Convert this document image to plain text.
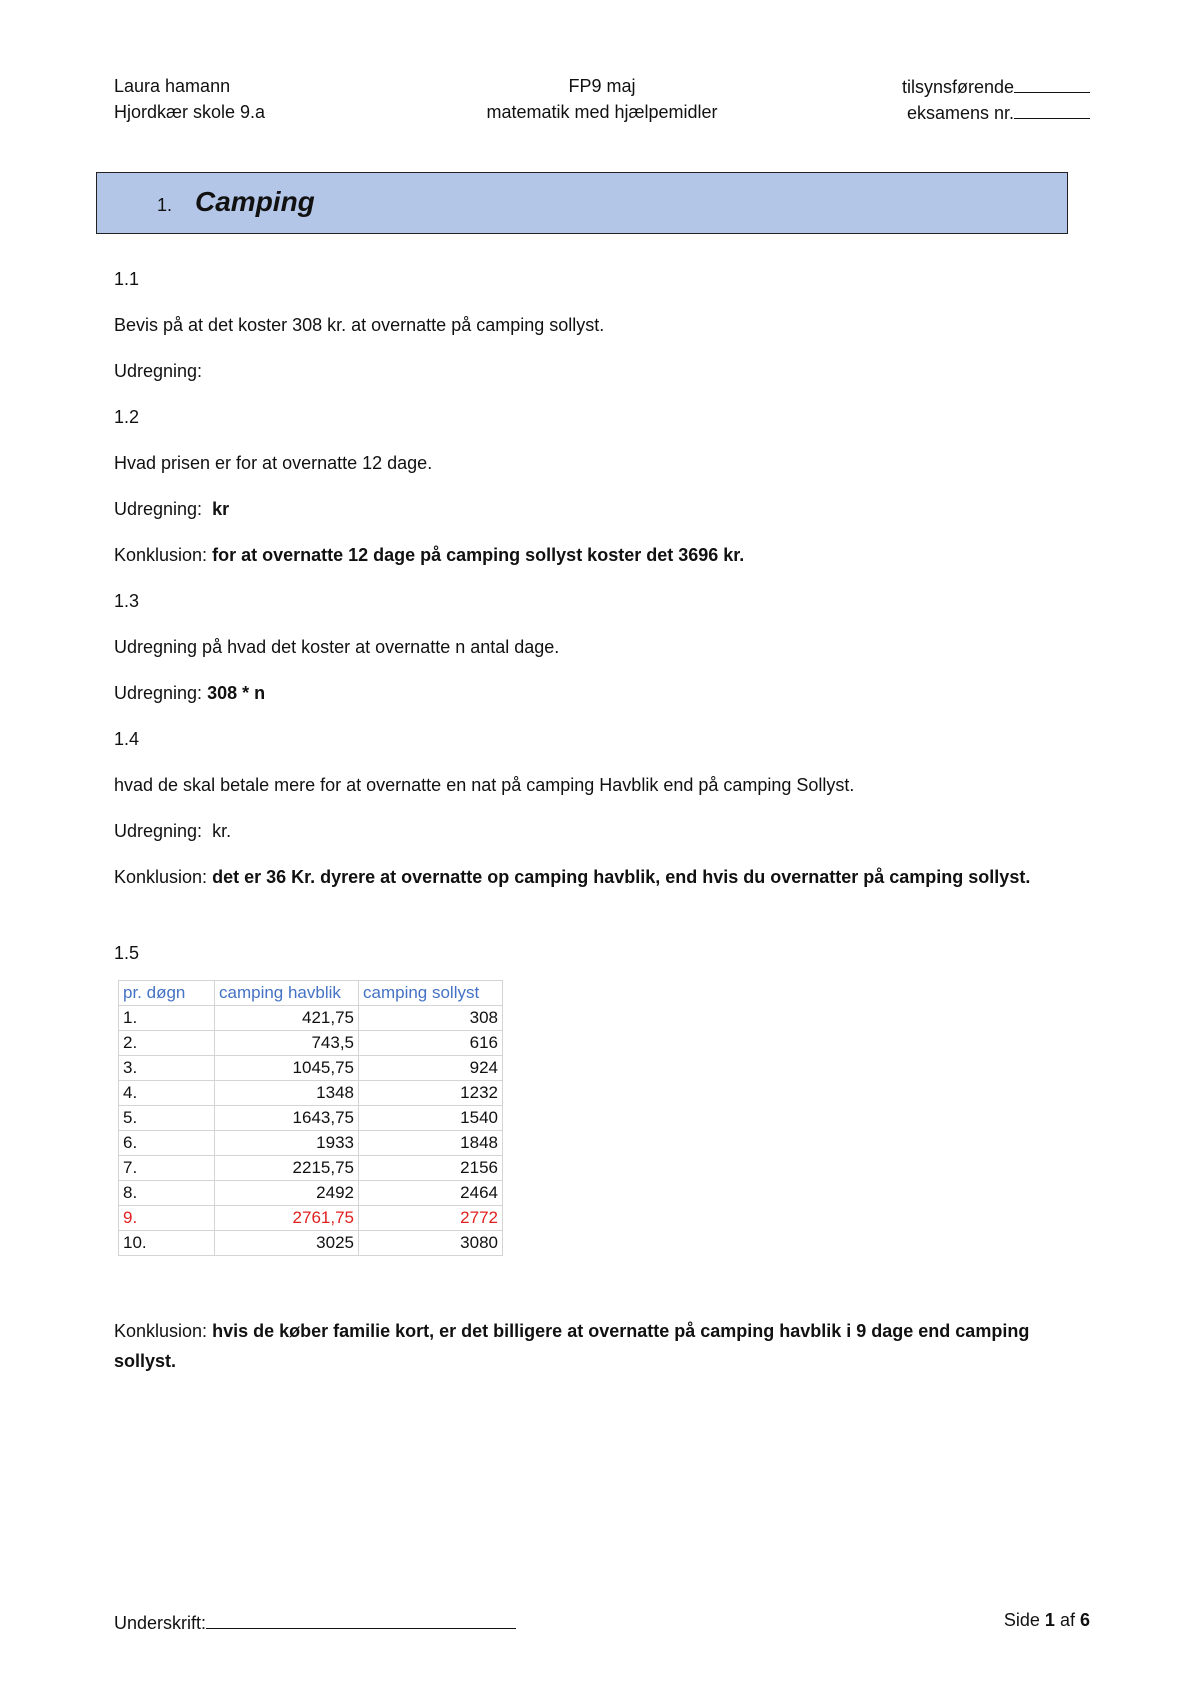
Laura hamann	FP9 maj	tilsynsførende
Hjordkær skole 9.a	matematik med hjælpemidler	eksamens nr.
1. Camping
1.1
Bevis på at det koster 308 kr. at overnatte på camping sollyst.
Udregning:
1.2
Hvad prisen er for at overnatte 12 dage.
Udregning: kr
Konklusion: for at overnatte 12 dage på camping sollyst koster det 3696 kr.
1.3
Udregning på hvad det koster at overnatte n antal dage.
Udregning: 308 * n
1.4
hvad de skal betale mere for at overnatte en nat på camping Havblik end på camping Sollyst.
Udregning: kr.
Konklusion: det er 36 Kr. dyrere at overnatte op camping havblik, end hvis du overnatter på camping sollyst.
1.5
pr. døgn	camping havblik	camping sollyst
1.	421,75	308
2.	743,5	616
3.	1045,75	924
4.	1348	1232
5.	1643,75	1540
6.	1933	1848
7.	2215,75	2156
8.	2492	2464
9.	2761,75	2772
10.	3025	3080
Konklusion: hvis de køber familie kort, er det billigere at overnatte på camping havblik i 9 dage end camping sollyst.
Underskrift:	Side 1 af 6
